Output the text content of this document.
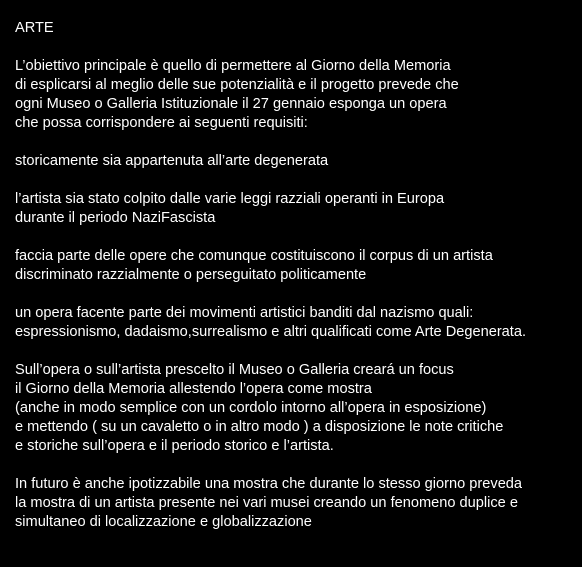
ARTE
L’obiettivo principale è quello di permettere al Giorno della Memoria
di esplicarsi al meglio delle sue potenzialità e il progetto prevede che
ogni Museo o Galleria Istituzionale il 27 gennaio esponga un opera
che possa corrispondere ai seguenti requisiti:
storicamente sia appartenuta all’arte degenerata
l’artista sia stato colpito dalle varie leggi razziali operanti in Europa
durante il periodo NaziFascista
faccia parte delle opere che comunque costituiscono il corpus di un artista
discriminato razzialmente o perseguitato politicamente
un opera facente parte dei movimenti artistici banditi dal nazismo quali:
espressionismo, dadaismo,surrealismo e altri qualificati come Arte Degenerata.
Sull’opera o sull’artista prescelto il Museo o Galleria creará un focus
il Giorno della Memoria allestendo l’opera come mostra
(anche in modo semplice con un cordolo intorno all’opera in esposizione)
e mettendo ( su un cavaletto o in altro modo ) a disposizione le note critiche
e storiche sull’opera e il periodo storico e l’artista.
In futuro è anche ipotizzabile una mostra che durante lo stesso giorno preveda
la mostra di un artista presente nei vari musei creando un fenomeno duplice e
simultaneo di localizzazione e globalizzazione
